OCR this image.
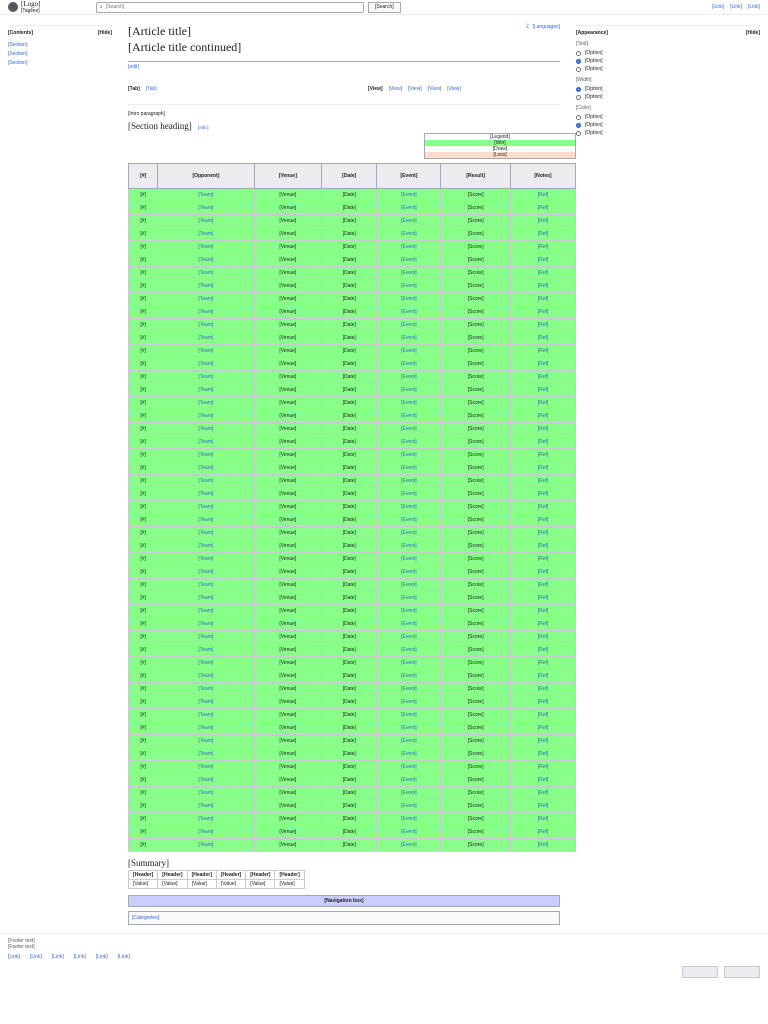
[Logo]
[Tagline]
⌕
[Search]	[Search]	[Link] [Link] [Link]
[Contents]	[Hide]
[Section]
[Section]
[Section]
[Article title]
[Article title continued]
文 [Languages]
[edit]
[Tab] [Tab]	[View] [View] [View] [View] [View]
[Intro paragraph]
[Section heading] [edit]
[Legend]
[Win]
[Draw]
[Loss]
[#]	[Opponent]	[Venue]	[Date]	[Event]	[Result]	[Notes]
[#]	[Team]	[Venue]	[Date]	[Event]	[Score]	[Ref]
[#]	[Team]	[Venue]	[Date]	[Event]	[Score]	[Ref]
[#]	[Team]	[Venue]	[Date]	[Event]	[Score]	[Ref]
[#]	[Team]	[Venue]	[Date]	[Event]	[Score]	[Ref]
[#]	[Team]	[Venue]	[Date]	[Event]	[Score]	[Ref]
[#]	[Team]	[Venue]	[Date]	[Event]	[Score]	[Ref]
[#]	[Team]	[Venue]	[Date]	[Event]	[Score]	[Ref]
[#]	[Team]	[Venue]	[Date]	[Event]	[Score]	[Ref]
[#]	[Team]	[Venue]	[Date]	[Event]	[Score]	[Ref]
[#]	[Team]	[Venue]	[Date]	[Event]	[Score]	[Ref]
[#]	[Team]	[Venue]	[Date]	[Event]	[Score]	[Ref]
[#]	[Team]	[Venue]	[Date]	[Event]	[Score]	[Ref]
[#]	[Team]	[Venue]	[Date]	[Event]	[Score]	[Ref]
[#]	[Team]	[Venue]	[Date]	[Event]	[Score]	[Ref]
[#]	[Team]	[Venue]	[Date]	[Event]	[Score]	[Ref]
[#]	[Team]	[Venue]	[Date]	[Event]	[Score]	[Ref]
[#]	[Team]	[Venue]	[Date]	[Event]	[Score]	[Ref]
[#]	[Team]	[Venue]	[Date]	[Event]	[Score]	[Ref]
[#]	[Team]	[Venue]	[Date]	[Event]	[Score]	[Ref]
[#]	[Team]	[Venue]	[Date]	[Event]	[Score]	[Ref]
[#]	[Team]	[Venue]	[Date]	[Event]	[Score]	[Ref]
[#]	[Team]	[Venue]	[Date]	[Event]	[Score]	[Ref]
[#]	[Team]	[Venue]	[Date]	[Event]	[Score]	[Ref]
[#]	[Team]	[Venue]	[Date]	[Event]	[Score]	[Ref]
[#]	[Team]	[Venue]	[Date]	[Event]	[Score]	[Ref]
[#]	[Team]	[Venue]	[Date]	[Event]	[Score]	[Ref]
[#]	[Team]	[Venue]	[Date]	[Event]	[Score]	[Ref]
[#]	[Team]	[Venue]	[Date]	[Event]	[Score]	[Ref]
[#]	[Team]	[Venue]	[Date]	[Event]	[Score]	[Ref]
[#]	[Team]	[Venue]	[Date]	[Event]	[Score]	[Ref]
[#]	[Team]	[Venue]	[Date]	[Event]	[Score]	[Ref]
[#]	[Team]	[Venue]	[Date]	[Event]	[Score]	[Ref]
[#]	[Team]	[Venue]	[Date]	[Event]	[Score]	[Ref]
[#]	[Team]	[Venue]	[Date]	[Event]	[Score]	[Ref]
[#]	[Team]	[Venue]	[Date]	[Event]	[Score]	[Ref]
[#]	[Team]	[Venue]	[Date]	[Event]	[Score]	[Ref]
[#]	[Team]	[Venue]	[Date]	[Event]	[Score]	[Ref]
[#]	[Team]	[Venue]	[Date]	[Event]	[Score]	[Ref]
[#]	[Team]	[Venue]	[Date]	[Event]	[Score]	[Ref]
[#]	[Team]	[Venue]	[Date]	[Event]	[Score]	[Ref]
[#]	[Team]	[Venue]	[Date]	[Event]	[Score]	[Ref]
[#]	[Team]	[Venue]	[Date]	[Event]	[Score]	[Ref]
[#]	[Team]	[Venue]	[Date]	[Event]	[Score]	[Ref]
[#]	[Team]	[Venue]	[Date]	[Event]	[Score]	[Ref]
[#]	[Team]	[Venue]	[Date]	[Event]	[Score]	[Ref]
[#]	[Team]	[Venue]	[Date]	[Event]	[Score]	[Ref]
[#]	[Team]	[Venue]	[Date]	[Event]	[Score]	[Ref]
[#]	[Team]	[Venue]	[Date]	[Event]	[Score]	[Ref]
[#]	[Team]	[Venue]	[Date]	[Event]	[Score]	[Ref]
[#]	[Team]	[Venue]	[Date]	[Event]	[Score]	[Ref]
[#]	[Team]	[Venue]	[Date]	[Event]	[Score]	[Ref]
[Summary]
[Header]	[Header]	[Header]	[Header]	[Header]	[Header]
[Value]	[Value]	[Value]	[Value]	[Value]	[Value]
[Navigation box]
[Categories]
[Appearance]	[Hide]
[Text]
[Option]
[Option]
[Option]
[Width]
[Option]
[Option]
[Color]
[Option]
[Option]
[Option]
[Footer text]
[Footer text]
[Link] [Link] [Link] [Link] [Link] [Link]
